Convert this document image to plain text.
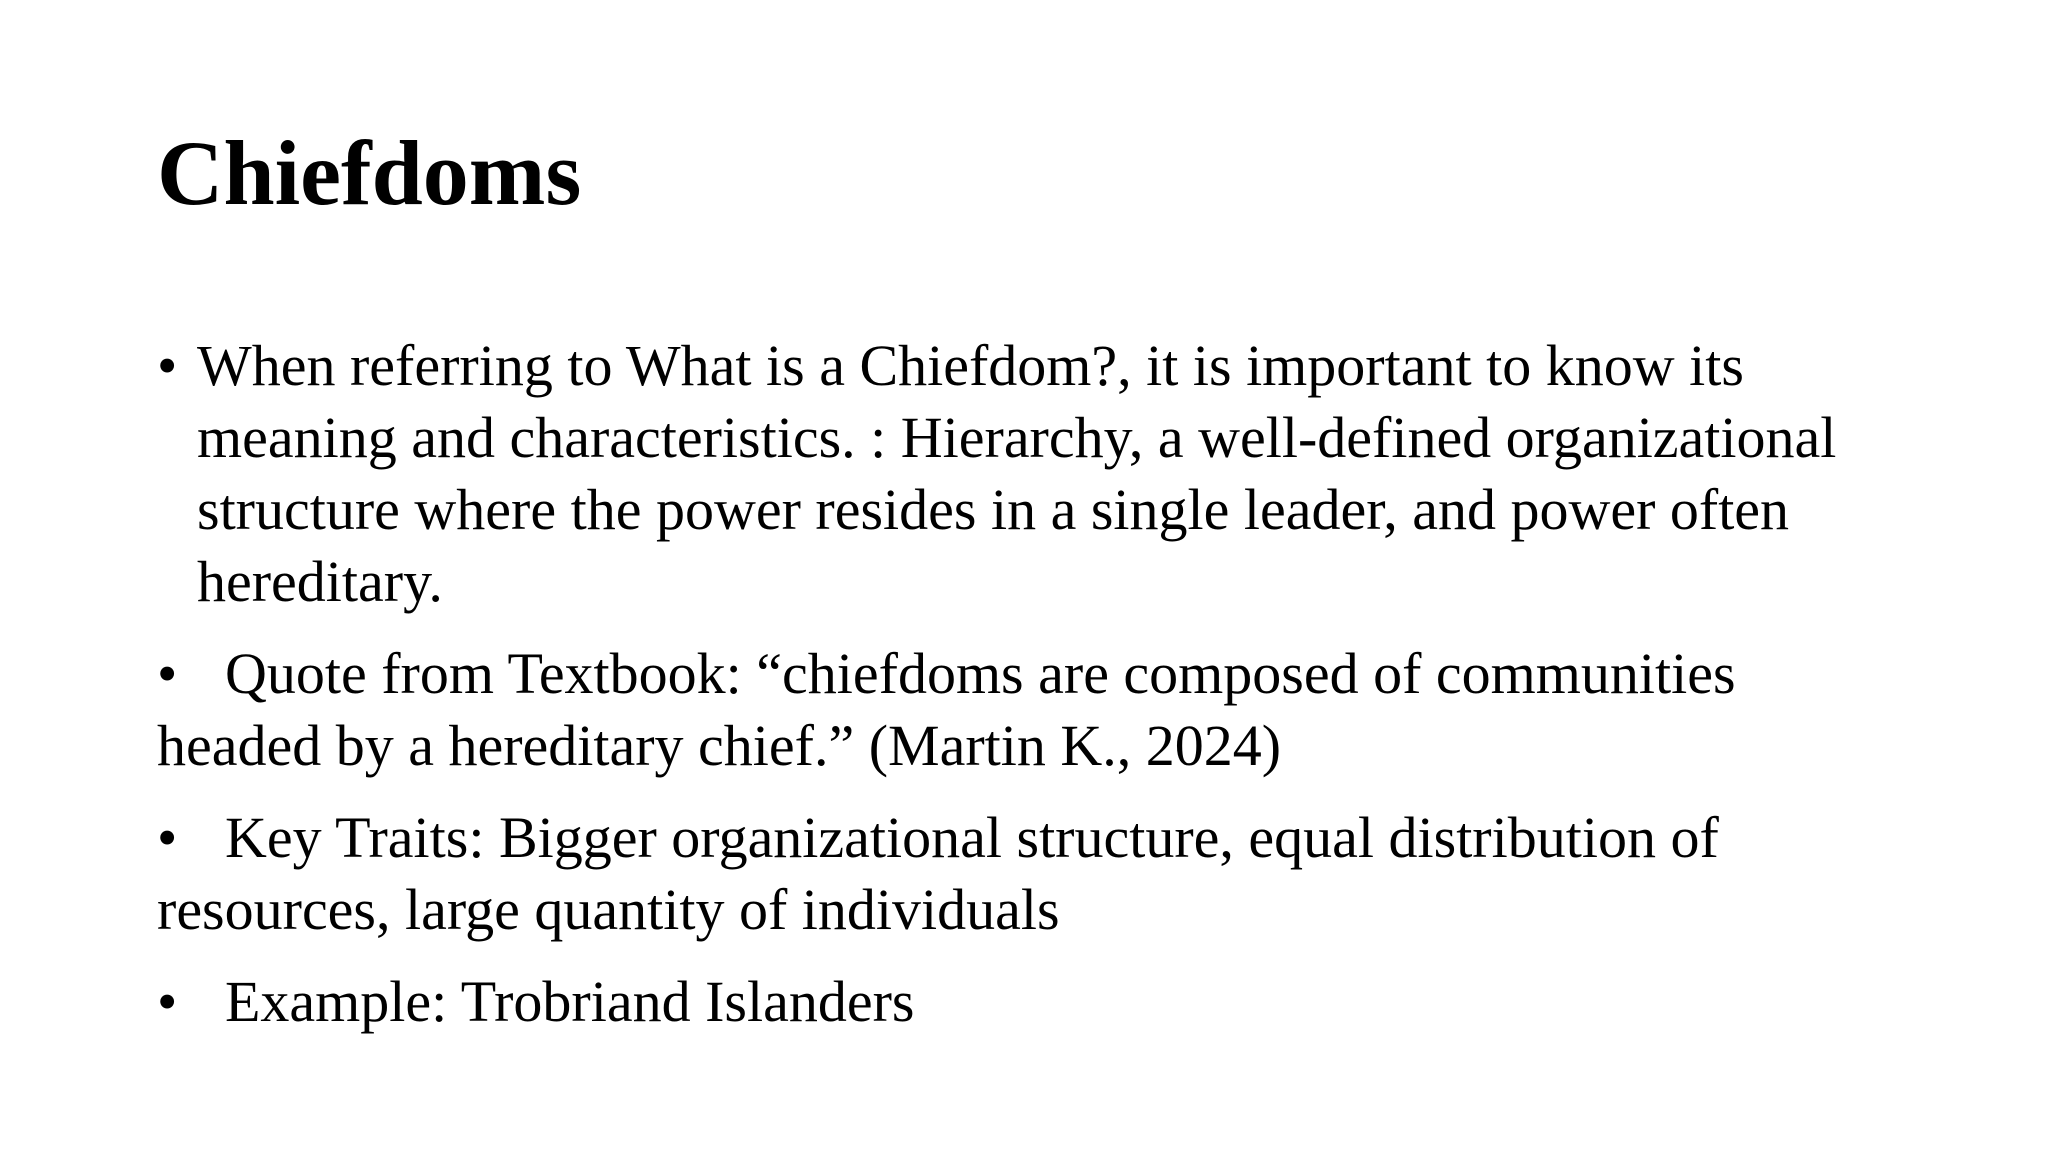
Chiefdoms
• When referring to What is a Chiefdom?, it is important to know its meaning and characteristics. : Hierarchy, a well-defined organizational structure where the power resides in a single leader, and power often hereditary.
• Quote from Textbook: “chiefdoms are composed of communities headed by a hereditary chief.” (Martin K., 2024)
• Key Traits: Bigger organizational structure, equal distribution of resources, large quantity of individuals
• Example: Trobriand Islanders
